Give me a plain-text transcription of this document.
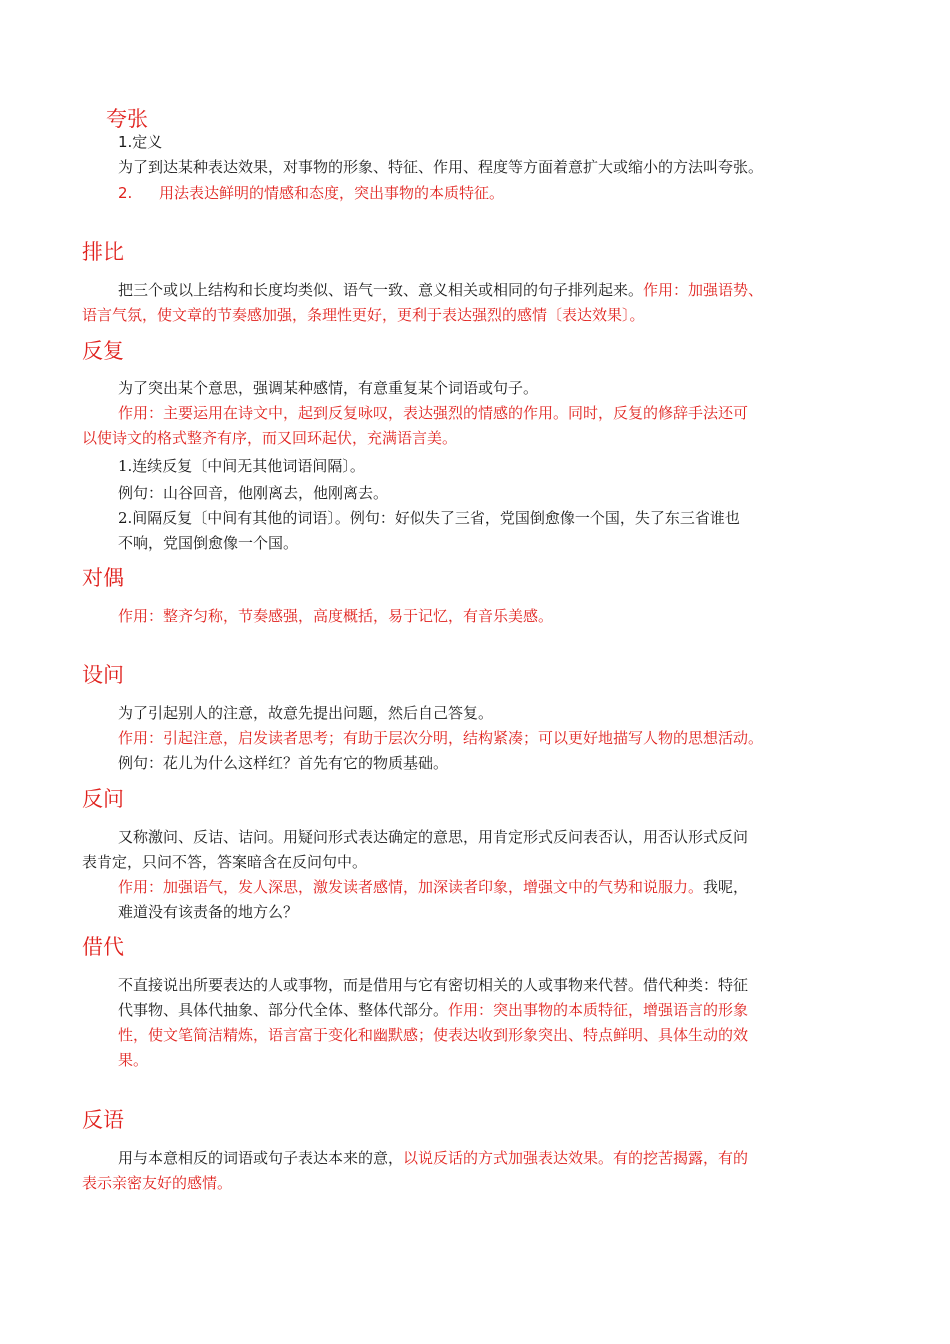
夸张
1.定义
为了到达某种表达效果，对事物的形象、特征、作用、程度等方面着意扩大或缩小的方法叫夸张。
2. 用法表达鲜明的情感和态度，突出事物的本质特征。
排比
把三个或以上结构和长度均类似、语气一致、意义相关或相同的句子排列起来。作用：加强语势、
语言气氛，使文章的节奏感加强，条理性更好，更利于表达强烈的感情〔表达效果〕。
反复
为了突出某个意思，强调某种感情，有意重复某个词语或句子。
作用：主要运用在诗文中，起到反复咏叹，表达强烈的情感的作用。同时，反复的修辞手法还可
以使诗文的格式整齐有序，而又回环起伏，充满语言美。
1.连续反复〔中间无其他词语间隔〕。
例句：山谷回音，他刚离去，他刚离去。
2.间隔反复〔中间有其他的词语〕。例句：好似失了三省，党国倒愈像一个国，失了东三省谁也
不响，党国倒愈像一个国。
对偶
作用：整齐匀称，节奏感强，高度概括，易于记忆，有音乐美感。
设问
为了引起别人的注意，故意先提出问题，然后自己答复。
作用：引起注意，启发读者思考；有助于层次分明，结构紧凑；可以更好地描写人物的思想活动。
例句：花儿为什么这样红？首先有它的物质基础。
反问
又称激问、反诘、诘问。用疑问形式表达确定的意思，用肯定形式反问表否认，用否认形式反问
表肯定，只问不答，答案暗含在反问句中。
作用：加强语气，发人深思，激发读者感情，加深读者印象，增强文中的气势和说服力。我呢，
难道没有该责备的地方么？
借代
不直接说出所要表达的人或事物，而是借用与它有密切相关的人或事物来代替。借代种类：特征
代事物、具体代抽象、部分代全体、整体代部分。作用：突出事物的本质特征，增强语言的形象
性，使文笔简洁精炼，语言富于变化和幽默感；使表达收到形象突出、特点鲜明、具体生动的效
果。
反语
用与本意相反的词语或句子表达本来的意，以说反话的方式加强表达效果。有的挖苦揭露，有的
表示亲密友好的感情。
